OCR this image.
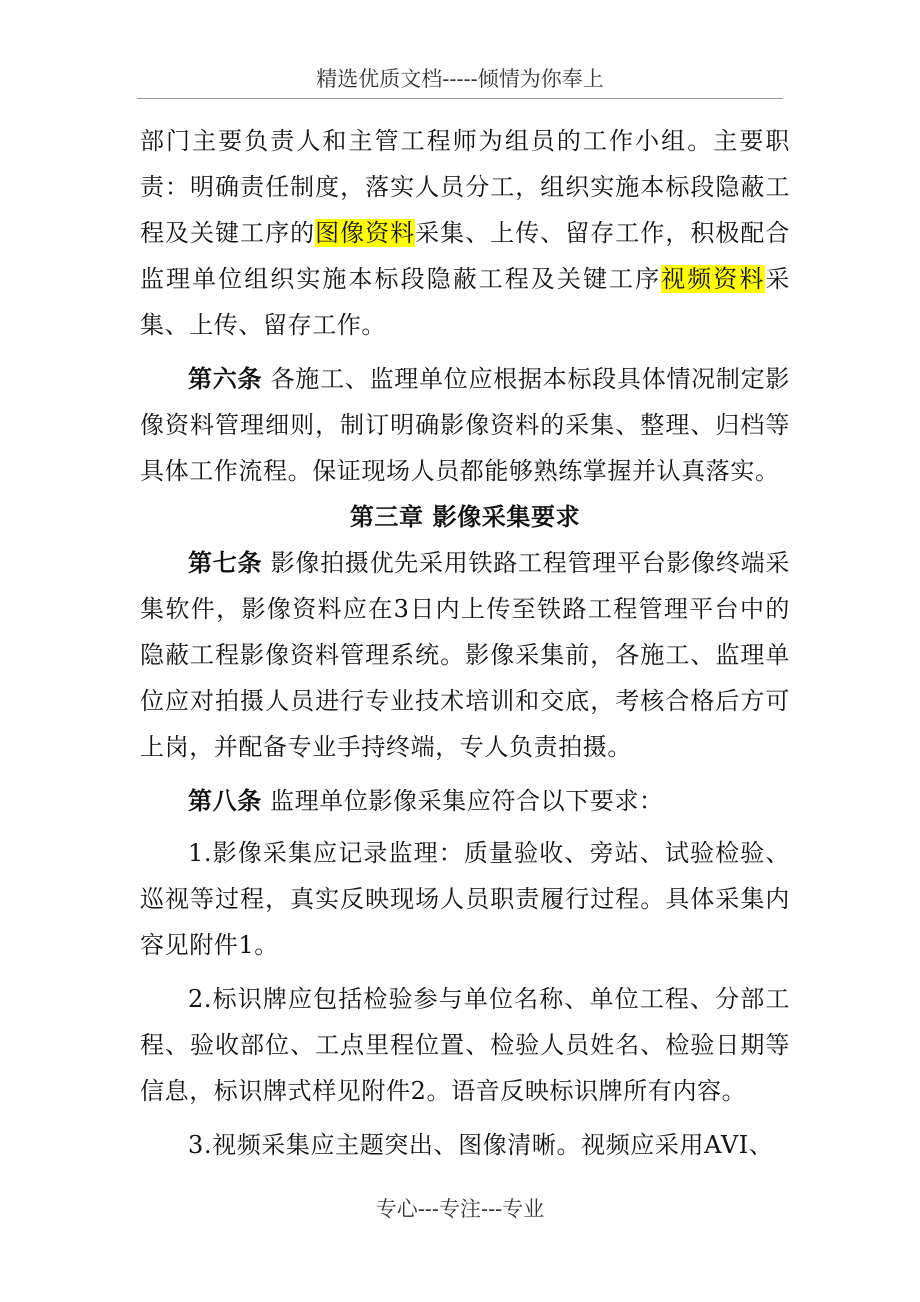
精选优质文档-----倾情为你奉上

部门主要负责人和主管工程师为组员的工作小组。主要职责：明确责任制度，落实人员分工，组织实施本标段隐蔽工程及关键工序的图像资料采集、上传、留存工作，积极配合监理单位组织实施本标段隐蔽工程及关键工序视频资料采集、上传、留存工作。

第六条 各施工、监理单位应根据本标段具体情况制定影像资料管理细则，制订明确影像资料的采集、整理、归档等具体工作流程。保证现场人员都能够熟练掌握并认真落实。

第三章 影像采集要求

第七条 影像拍摄优先采用铁路工程管理平台影像终端采集软件，影像资料应在3日内上传至铁路工程管理平台中的隐蔽工程影像资料管理系统。影像采集前，各施工、监理单位应对拍摄人员进行专业技术培训和交底，考核合格后方可上岗，并配备专业手持终端，专人负责拍摄。

第八条 监理单位影像采集应符合以下要求：

1.影像采集应记录监理：质量验收、旁站、试验检验、巡视等过程，真实反映现场人员职责履行过程。具体采集内容见附件1。

2.标识牌应包括检验参与单位名称、单位工程、分部工程、验收部位、工点里程位置、检验人员姓名、检验日期等信息，标识牌式样见附件2。语音反映标识牌所有内容。

3.视频采集应主题突出、图像清晰。视频应采用AVI、

专心---专注---专业
